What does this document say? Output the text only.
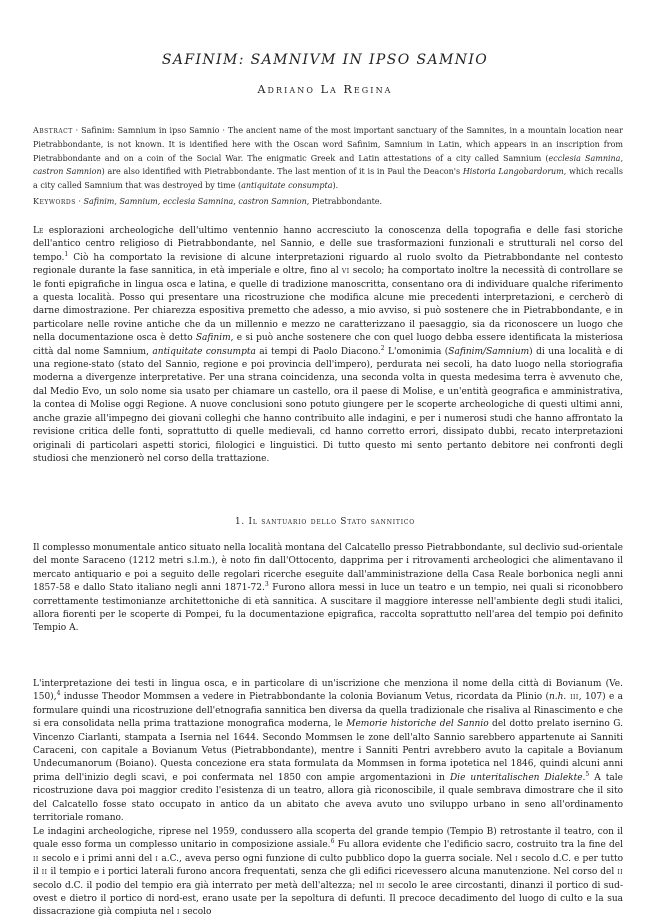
SAFINIM: SAMNIVM IN IPSO SAMNIO
Adriano La Regina
Abstract · Safinim: Samnium in ipso Samnio · The ancient name of the most important sanctuary of the Samnites, in a mountain location near Pietrabbondante, is not known. It is identified here with the Oscan word Safinim, Samnium in Latin, which appears in an inscription from Pietrabbondante and on a coin of the Social War. The enigmatic Greek and Latin attestations of a city called Samnium (ecclesia Samnina, castron Samnion) are also identified with Pietrabbondante. The last mention of it is in Paul the Deacon's Historia Langobardorum, which recalls a city called Samnium that was destroyed by time (antiquitate consumpta).
Keywords · Safinim, Samnium, ecclesia Samnina, castron Samnion, Pietrabbondante.

Le esplorazioni archeologiche dell'ultimo ventennio hanno accresciuto la conoscenza della topografia e delle fasi storiche dell'antico centro religioso di Pietrabbondante, nel Sannio, e delle sue trasformazioni funzionali e strutturali nel corso del tempo.$^1$ Ciò ha comportato la revisione di alcune interpretazioni riguardo al ruolo svolto da Pietrabbondante nel contesto regionale durante la fase sannitica, in età imperiale e oltre, fino al vi secolo; ha comportato inoltre la necessità di controllare se le fonti epigrafiche in lingua osca e latina, e quelle di tradizione manoscritta, consentano ora di individuare qualche riferimento a questa località. Posso qui presentare una ricostruzione che modifica alcune mie precedenti interpretazioni, e cercherò di darne dimostrazione. Per chiarezza espositiva premetto che adesso, a mio avviso, si può sostenere che in Pietrabbondante, e in particolare nelle rovine antiche che da un millennio e mezzo ne caratterizzano il paesaggio, sia da riconoscere un luogo che nella documentazione osca è detto Safinim, e si può anche sostenere che con quel luogo debba essere identificata la misteriosa città dal nome Samnium, antiquitate consumpta ai tempi di Paolo Diacono.$^2$ L'omonimia (Safinim/Samnium) di una località e di una regione-stato (stato del Sannio, regione e poi provincia dell'impero), perdurata nei secoli, ha dato luogo nella storiografia moderna a divergenze interpretative. Per una strana coincidenza, una seconda volta in questa medesima terra è avvenuto che, dal Medio Evo, un solo nome sia usato per chiamare un castello, ora il paese di Molise, e un'entità geografica e amministrativa, la contea di Molise oggi Regione. A nuove conclusioni sono potuto giungere per le scoperte archeologiche di questi ultimi anni, anche grazie all'impegno dei giovani colleghi che hanno contribuito alle indagini, e per i numerosi studi che hanno affrontato la revisione critica delle fonti, soprattutto di quelle medievali, cd hanno corretto errori, dissipato dubbi, recato interpretazioni originali di particolari aspetti storici, filologici e linguistici. Di tutto questo mi sento pertanto debitore nei confronti degli studiosi che menzionerò nel corso della trattazione.

1. Il santuario dello Stato sannitico

Il complesso monumentale antico situato nella località montana del Calcatello presso Pietrabbondante, sul declivio sud-orientale del monte Saraceno (1212 metri s.l.m.), è noto fin dall'Ottocento, dapprima per i ritrovamenti archeologici che alimentavano il mercato antiquario e poi a seguito delle regolari ricerche eseguite dall'amministrazione della Casa Reale borbonica negli anni 1857-58 e dallo Stato italiano negli anni 1871-72.$^3$ Furono allora messi in luce un teatro e un tempio, nei quali si riconobbero correttamente testimonianze architettoniche di età sannitica. A suscitare il maggiore interesse nell'ambiente degli studi italici, allora fiorenti per le scoperte di Pompei, fu la documentazione epigrafica, raccolta soprattutto nell'area del tempio poi definito Tempio A.

L'interpretazione dei testi in lingua osca, e in particolare di un'iscrizione che menziona il nome della città di Bovianum (Ve. 150),$^4$ indusse Theodor Mommsen a vedere in Pietrabbondante la colonia Bovianum Vetus, ricordata da Plinio (n.h. iii, 107) e a formulare quindi una ricostruzione dell'etnografia sannitica ben diversa da quella tradizionale che risaliva al Rinascimento e che si era consolidata nella prima trattazione monografica moderna, le Memorie historiche del Sannio del dotto prelato isernino G. Vincenzo Ciarlanti, stampata a Isernia nel 1644. Secondo Mommsen le zone dell'alto Sannio sarebbero appartenute ai Sanniti Caraceni, con capitale a Bovianum Vetus (Pietrabbondante), mentre i Sanniti Pentri avrebbero avuto la capitale a Bovianum Undecumanorum (Boiano). Questa concezione era stata formulata da Mommsen in forma ipotetica nel 1846, quindi alcuni anni prima dell'inizio degli scavi, e poi confermata nel 1850 con ampie argomentazioni in Die unteritalischen Dialekte.$^5$ A tale ricostruzione dava poi maggior credito l'esistenza di un teatro, allora già riconoscibile, il quale sembrava dimostrare che il sito del Calcatello fosse stato occupato in antico da un abitato che aveva avuto uno sviluppo urbano in seno all'ordinamento territoriale romano.

Le indagini archeologiche, riprese nel 1959, condussero alla scoperta del grande tempio (Tempio B) retrostante il teatro, con il quale esso forma un complesso unitario in composizione assiale.$^6$ Fu allora evidente che l'edificio sacro, costruito tra la fine del ii secolo e i primi anni del i a.C., aveva perso ogni funzione di culto pubblico dopo la guerra sociale. Nel i secolo d.C. e per tutto il ii il tempio e i portici laterali furono ancora frequentati, senza che gli edifici ricevessero alcuna manutenzione. Nel corso del ii secolo d.C. il podio del tempio era già interrato per metà dell'altezza; nel iii secolo le aree circostanti, dinanzi il portico di sud-ovest e dietro il portico di nord-est, erano usate per la sepoltura di defunti. Il precoce decadimento del luogo di culto e la sua dissacrazione già compiuta nel i secolo
